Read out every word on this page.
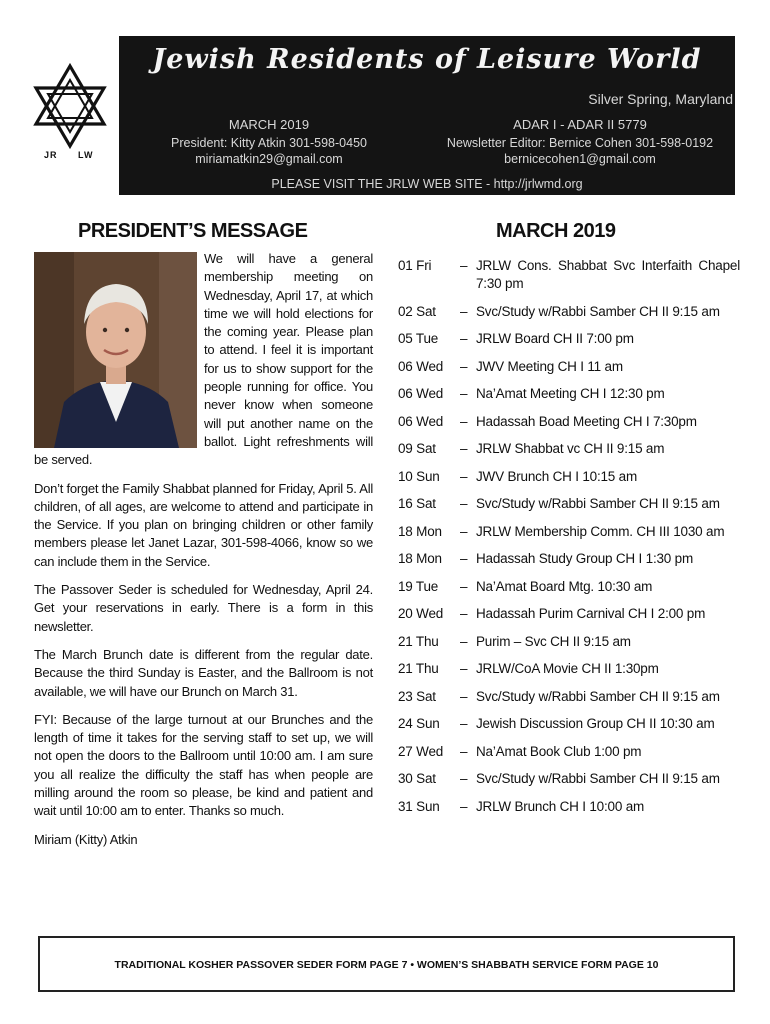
JR LW
Jewish Residents of Leisure World
Silver Spring, Maryland
MARCH 2019	ADAR I - ADAR II 5779
President: Kitty Atkin 301-598-0450	Newsletter Editor: Bernice Cohen 301-598-0192
miriamatkin29@gmail.com	bernicecohen1@gmail.com
PLEASE VISIT THE JRLW WEB SITE - http://jrlwmd.org
PRESIDENT’S MESSAGE	MARCH 2019

We will have a general membership meeting on Wednesday, April 17, at which time we will hold elections for the coming year. Please plan to attend. I feel it is important for us to show support for the people running for office. You never know when someone will put another name on the ballot. Light refreshments will be served.

Don’t forget the Family Shabbat planned for Friday, April 5. All children, of all ages, are welcome to attend and participate in the Service. If you plan on bringing children or other family members please let Janet Lazar, 301-598-4066, know so we can include them in the Service.

The Passover Seder is scheduled for Wednesday, April 24. Get your reservations in early. There is a form in this newsletter.

The March Brunch date is different from the regular date. Because the third Sunday is Easter, and the Ballroom is not available, we will have our Brunch on March 31.

FYI: Because of the large turnout at our Brunches and the length of time it takes for the serving staff to set up, we will not open the doors to the Ballroom until 10:00 am. I am sure you all realize the difficulty the staff has when people are milling around the room so please, be kind and patient and wait until 10:00 am to enter. Thanks so much.

Miriam (Kitty) Atkin

01 Fri	– JRLW Cons. Shabbat Svc Interfaith Chapel 7:30 pm
02 Sat	– Svc/Study w/Rabbi Samber CH II 9:15 am
05 Tue	– JRLW Board CH II 7:00 pm
06 Wed	– JWV Meeting CH I 11 am
06 Wed	– Na’Amat Meeting CH I 12:30 pm
06 Wed	– Hadassah Boad Meeting CH I 7:30pm
09 Sat	– JRLW Shabbat vc CH II 9:15 am
10 Sun	– JWV Brunch CH I 10:15 am
16 Sat	– Svc/Study w/Rabbi Samber CH II 9:15 am
18 Mon	– JRLW Membership Comm. CH III 1030 am
18 Mon	– Hadassah Study Group CH I 1:30 pm
19 Tue	– Na’Amat Board Mtg. 10:30 am
20 Wed	– Hadassah Purim Carnival CH I 2:00 pm
21 Thu	– Purim – Svc CH II 9:15 am
21 Thu	– JRLW/CoA Movie CH II 1:30pm
23 Sat	– Svc/Study w/Rabbi Samber CH II 9:15 am
24 Sun	– Jewish Discussion Group CH II 10:30 am
27 Wed	– Na’Amat Book Club 1:00 pm
30 Sat	– Svc/Study w/Rabbi Samber CH II 9:15 am
31 Sun	– JRLW Brunch CH I 10:00 am
TRADITIONAL KOSHER PASSOVER SEDER FORM PAGE 7 • WOMEN’S SHABBATH SERVICE FORM PAGE 10
